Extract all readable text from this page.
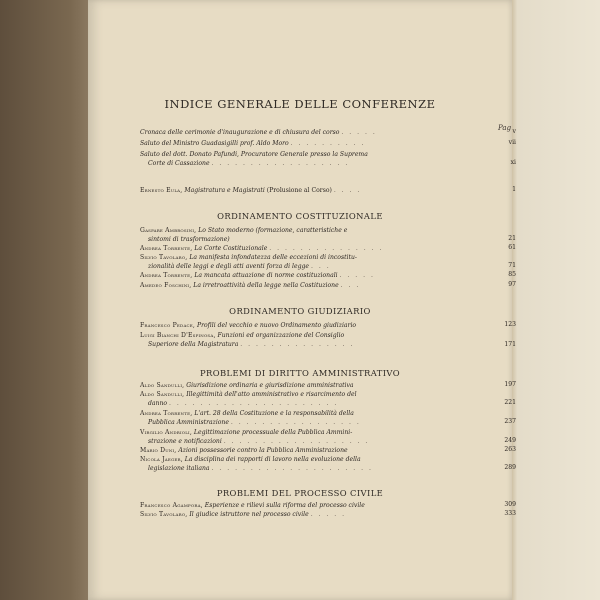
INDICE GENERALE DELLE CONFERENZE
Pag
Cronaca delle cerimonie d'inaugurazione e di chiusura del corso . . . . .	v
Saluto del Ministro Guadasigilli prof. Aldo Moro . . . . . . . . . .	vii
Saluto del dott. Donato Pafundi, Procuratore Generale presso la Suprema
Corte di Cassazione . . . . . . . . . . . . . . . . . .	xi
Ernesto Eula, Magistratura e Magistrati (Prolusione al Corso) . . . .	1
ORDINAMENTO COSTITUZIONALE
Gaspare Ambrosini, Lo Stato moderno (formazione, caratteristiche e
sintomi di trasformazione)	21
Andrea Torrente, La Corte Costituzionale . . . . . . . . . . . . . . .	61
Silvio Tavolaro, La manifesta infondatezza delle eccezioni di incostitu-
zionalità delle leggi e degli atti aventi forza di legge . . .	71
Andrea Torrente, La mancata attuazione di norme costituzionali . . . . .	85
Amedeo Foschini, La irretroattività della legge nella Costituzione . . .	97
ORDINAMENTO GIUDIZIARIO
Francesco Pedace, Profili del vecchio e nuovo Ordinamento giudiziario	123
Luigi Bianchi D'Espinosa, Funzioni ed organizzazione del Consiglio
Superiore della Magistratura . . . . . . . . . . . . . . .	171
PROBLEMI DI DIRITTO AMMINISTRATIVO
Aldo Sandulli, Giurisdizione ordinaria e giurisdizione amministrativa	197
Aldo Sandulli, Illegittimità dell'atto amministrativo e risarcimento del
danno . . . . . . . . . . . . . . . . . . . . . .	221
Andrea Torrente, L'art. 28 della Costituzione e la responsabilità della
Pubblica Amministrazione . . . . . . . . . . . . . . . . .	237
Virgilio Andrioli, Legittimazione processuale della Pubblica Ammini-
strazione e notificazioni . . . . . . . . . . . . . . . . . . .	249
Mario Duni, Azioni possessorie contro la Pubblica Amministrazione	263
Nicola Jaeger, La disciplina dei rapporti di lavoro nella evoluzione della
legislazione italiana . . . . . . . . . . . . . . . . . . . . .	289
PROBLEMI DEL PROCESSO CIVILE
Francesco Agampora, Esperienze e rilievi sulla riforma del processo civile	309
Silvio Tavolaro, Il giudice istruttore nel processo civile . . . . .	333
